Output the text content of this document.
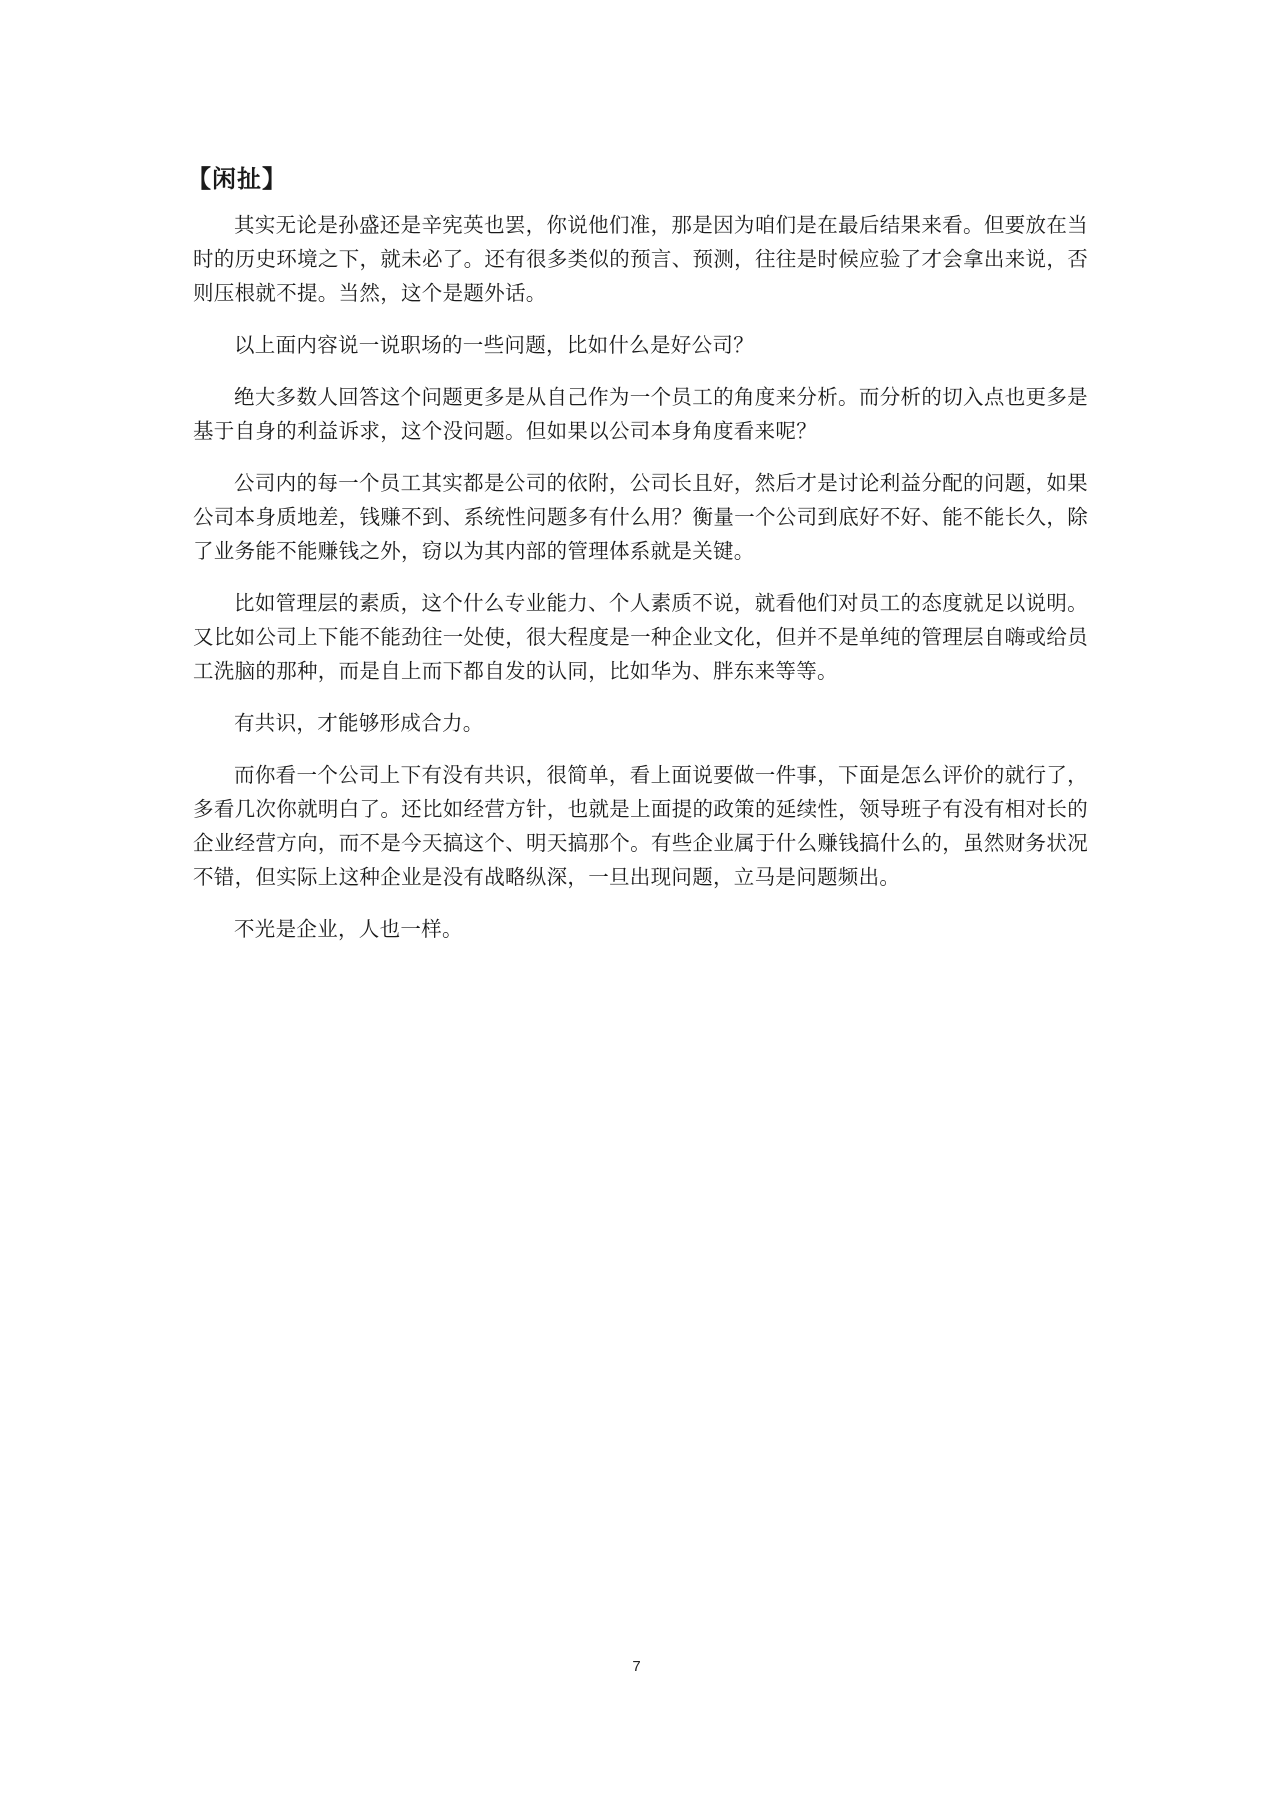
【闲扯】

其实无论是孙盛还是辛宪英也罢，你说他们准，那是因为咱们是在最后结果来看。但要放在当时的历史环境之下，就未必了。还有很多类似的预言、预测，往往是时候应验了才会拿出来说，否则压根就不提。当然，这个是题外话。

以上面内容说一说职场的一些问题，比如什么是好公司？

绝大多数人回答这个问题更多是从自己作为一个员工的角度来分析。而分析的切入点也更多是基于自身的利益诉求，这个没问题。但如果以公司本身角度看来呢？

公司内的每一个员工其实都是公司的依附，公司长且好，然后才是讨论利益分配的问题，如果公司本身质地差，钱赚不到、系统性问题多有什么用？衡量一个公司到底好不好、能不能长久，除了业务能不能赚钱之外，窃以为其内部的管理体系就是关键。

比如管理层的素质，这个什么专业能力、个人素质不说，就看他们对员工的态度就足以说明。又比如公司上下能不能劲往一处使，很大程度是一种企业文化，但并不是单纯的管理层自嗨或给员工洗脑的那种，而是自上而下都自发的认同，比如华为、胖东来等等。

有共识，才能够形成合力。

而你看一个公司上下有没有共识，很简单，看上面说要做一件事，下面是怎么评价的就行了，多看几次你就明白了。还比如经营方针，也就是上面提的政策的延续性，领导班子有没有相对长的企业经营方向，而不是今天搞这个、明天搞那个。有些企业属于什么赚钱搞什么的，虽然财务状况不错，但实际上这种企业是没有战略纵深，一旦出现问题，立马是问题频出。

不光是企业，人也一样。

7
